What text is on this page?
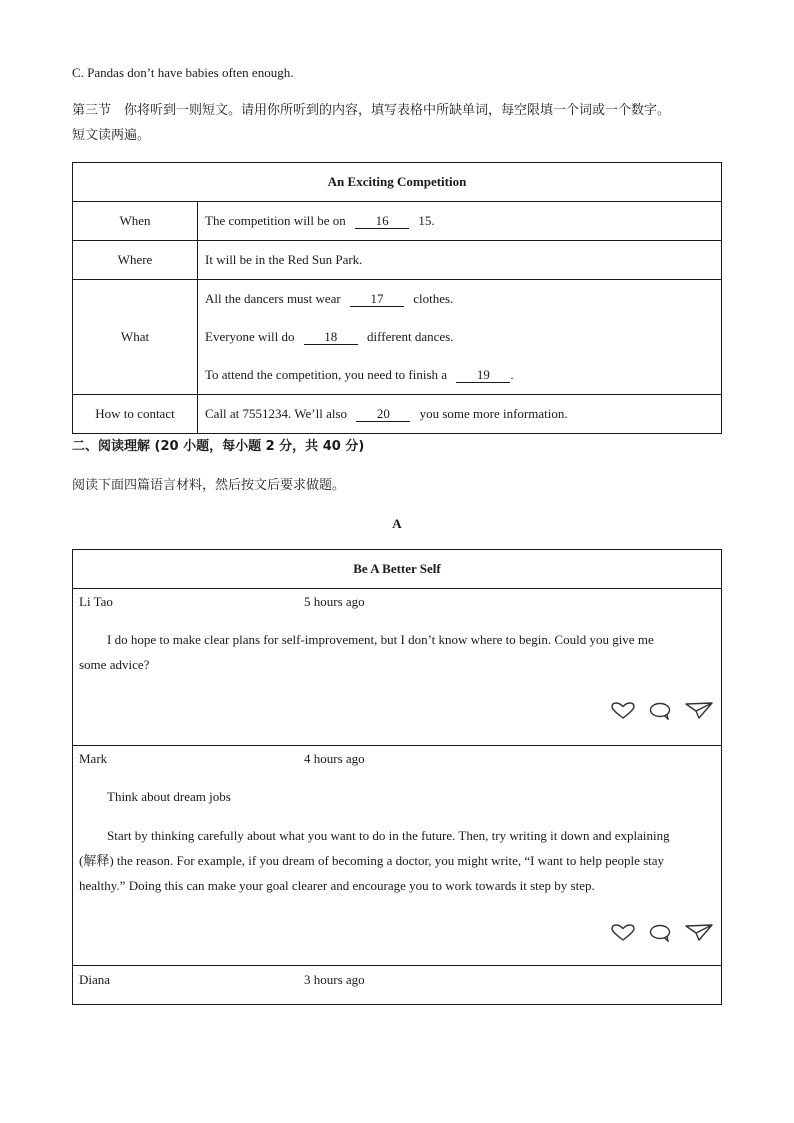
C. Pandas don’t have babies often enough.
第三节　你将听到一则短文。请用你所听到的内容，填写表格中所缺单词，每空限填一个词或一个数字。
短文读两遍。
An Exciting Competition	
When	The competition will be on 16 15.
Where	It will be in the Red Sun Park.
What	All the dancers must wear 17 clothes.
Everyone will do 18 different dances.
To attend the competition, you need to finish a 19 .

How to contact	Call at 7551234. We’ll also 20 you some more information.
二、阅读理解 (20 小题，每小题 2 分，共 40 分)
阅读下面四篇语言材料，然后按文后要求做题。
A
Be A Better Self

Li Tao	5 hours ago
I do hope to make clear plans for self-improvement, but I don’t know where to begin. Could you give me
some advice?

Mark	4 hours ago
Think about dream jobs
Start by thinking carefully about what you want to do in the future. Then, try writing it down and explaining
(解释) the reason. For example, if you dream of becoming a doctor, you might write, “I want to help people stay
healthy.” Doing this can make your goal clearer and encourage you to work towards it step by step.

Diana	3 hours ago
